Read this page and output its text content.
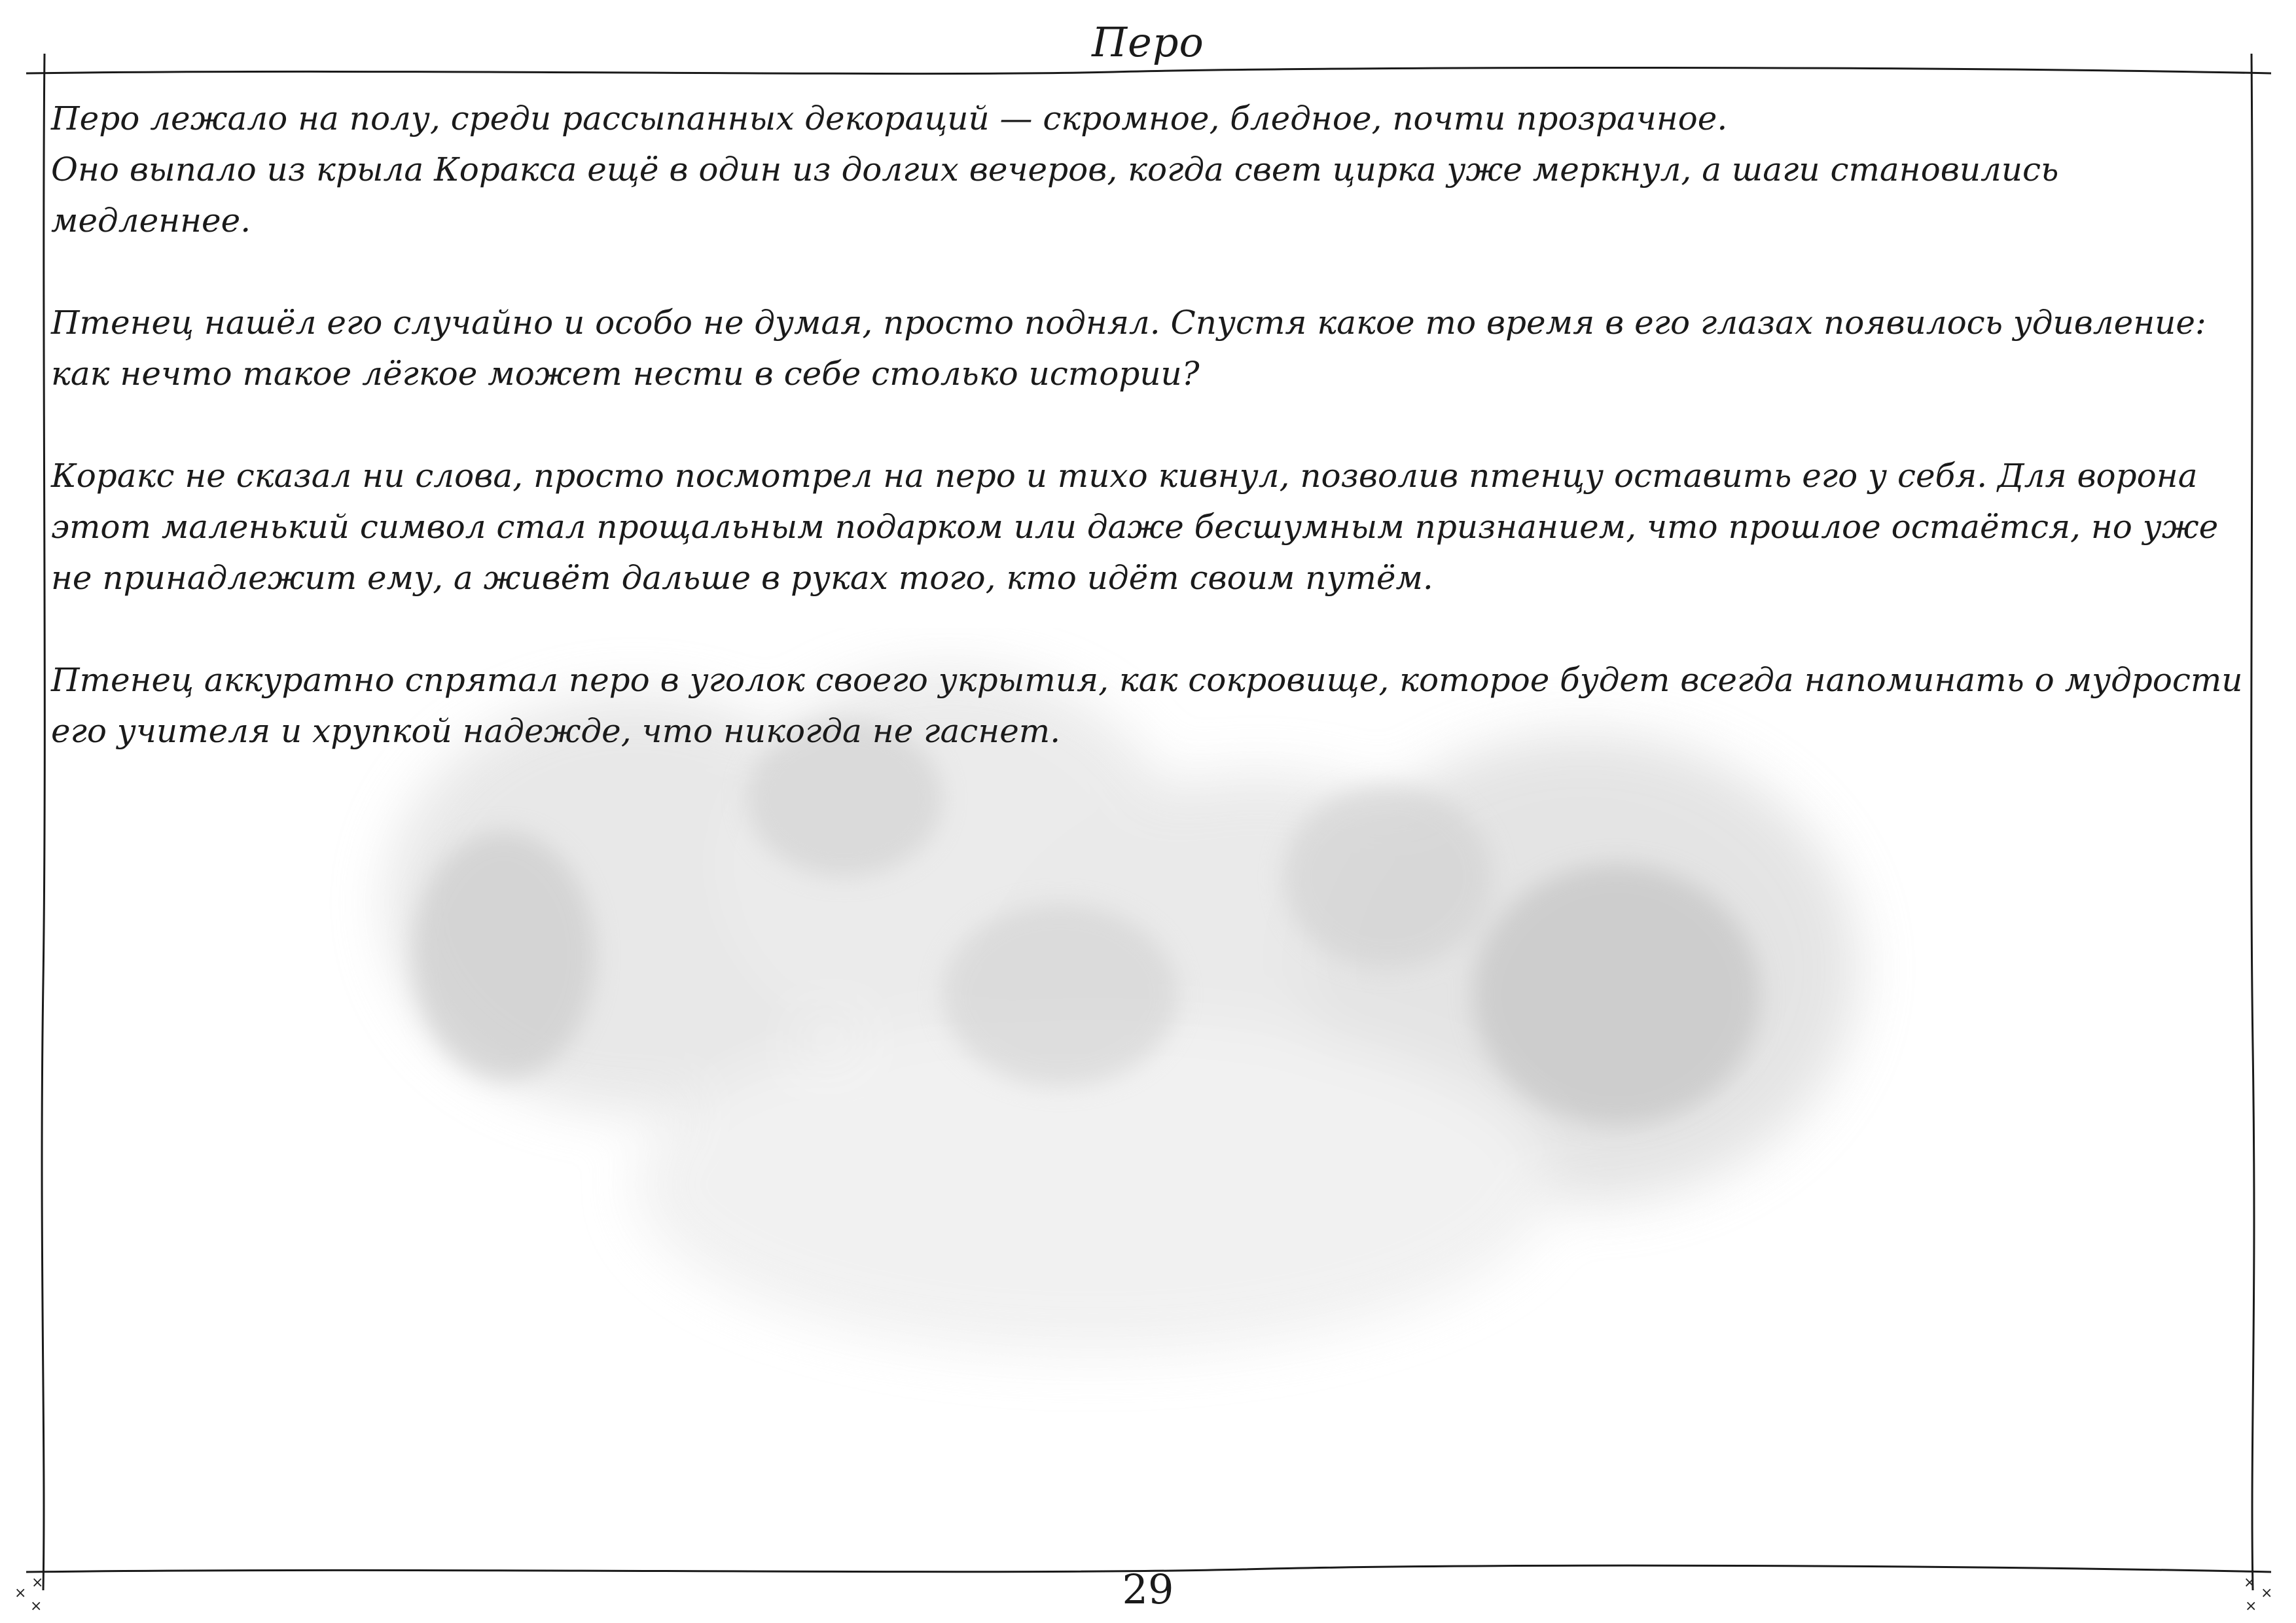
Перо

Перо лежало на полу, среди рассыпанных декораций — скромное, бледное, почти прозрачное.

Оно выпало из крыла Коракса ещё в один из долгих вечеров, когда свет цирка уже меркнул, а шаги становились медленнее.

Птенец нашёл его случайно и особо не думая, просто поднял. Спустя какое то время в его глазах появилось удивление: как нечто такое лёгкое может нести в себе столько истории?

Коракс не сказал ни слова, просто посмотрел на перо и тихо кивнул, позволив птенцу оставить его у себя. Для ворона этот маленький символ стал прощальным подарком или даже бесшумным признанием, что прошлое остаётся, но уже не принадлежит ему, а живёт дальше в руках того, кто идёт своим путём.

Птенец аккуратно спрятал перо в уголок своего укрытия, как сокровище, которое будет всегда напоминать о мудрости его учителя и хрупкой надежде, что никогда не гаснет.

29
×
×
×
×
×
×
